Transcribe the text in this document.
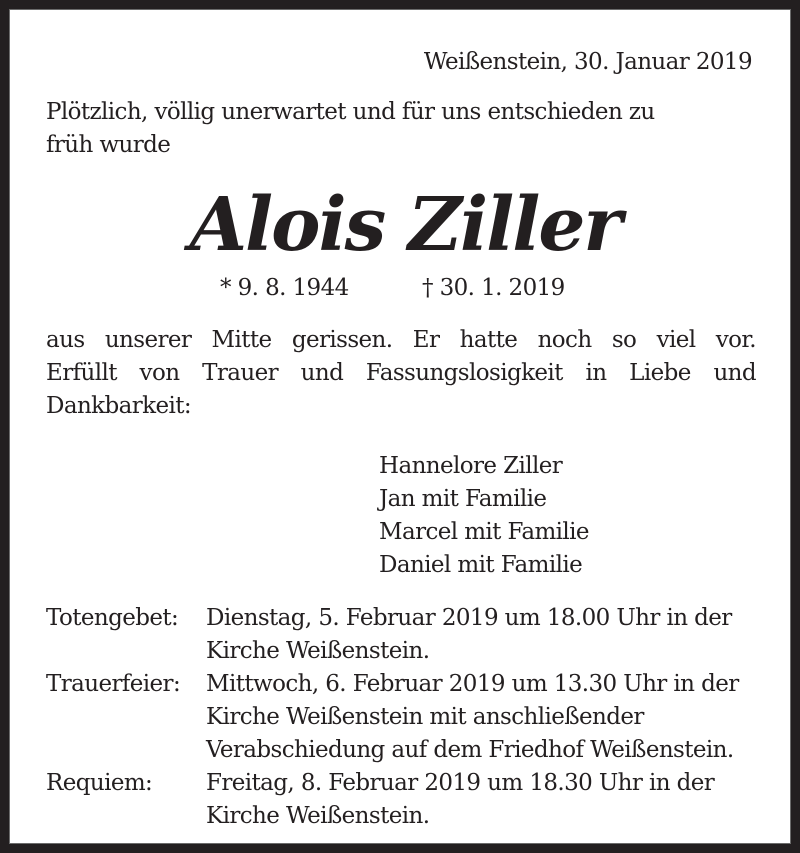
Weißenstein, 30. Januar 2019
Plötzlich, völlig unerwartet und für uns entschieden zu
früh wurde
Alois Ziller
* 9. 8. 1944	† 30. 1. 2019
aus unserer Mitte gerissen. Er hatte noch so viel vor.
Erfüllt von Trauer und Fassungslosigkeit in Liebe und
Dankbarkeit:
Hannelore Ziller
Jan mit Familie
Marcel mit Familie
Daniel mit Familie
Totengebet: Dienstag, 5. Februar 2019 um 18.00 Uhr in der
Kirche Weißenstein.
Trauerfeier: Mittwoch, 6. Februar 2019 um 13.30 Uhr in der
Kirche Weißenstein mit anschließender
Verabschiedung auf dem Friedhof Weißenstein.
Requiem: Freitag, 8. Februar 2019 um 18.30 Uhr in der
Kirche Weißenstein.
